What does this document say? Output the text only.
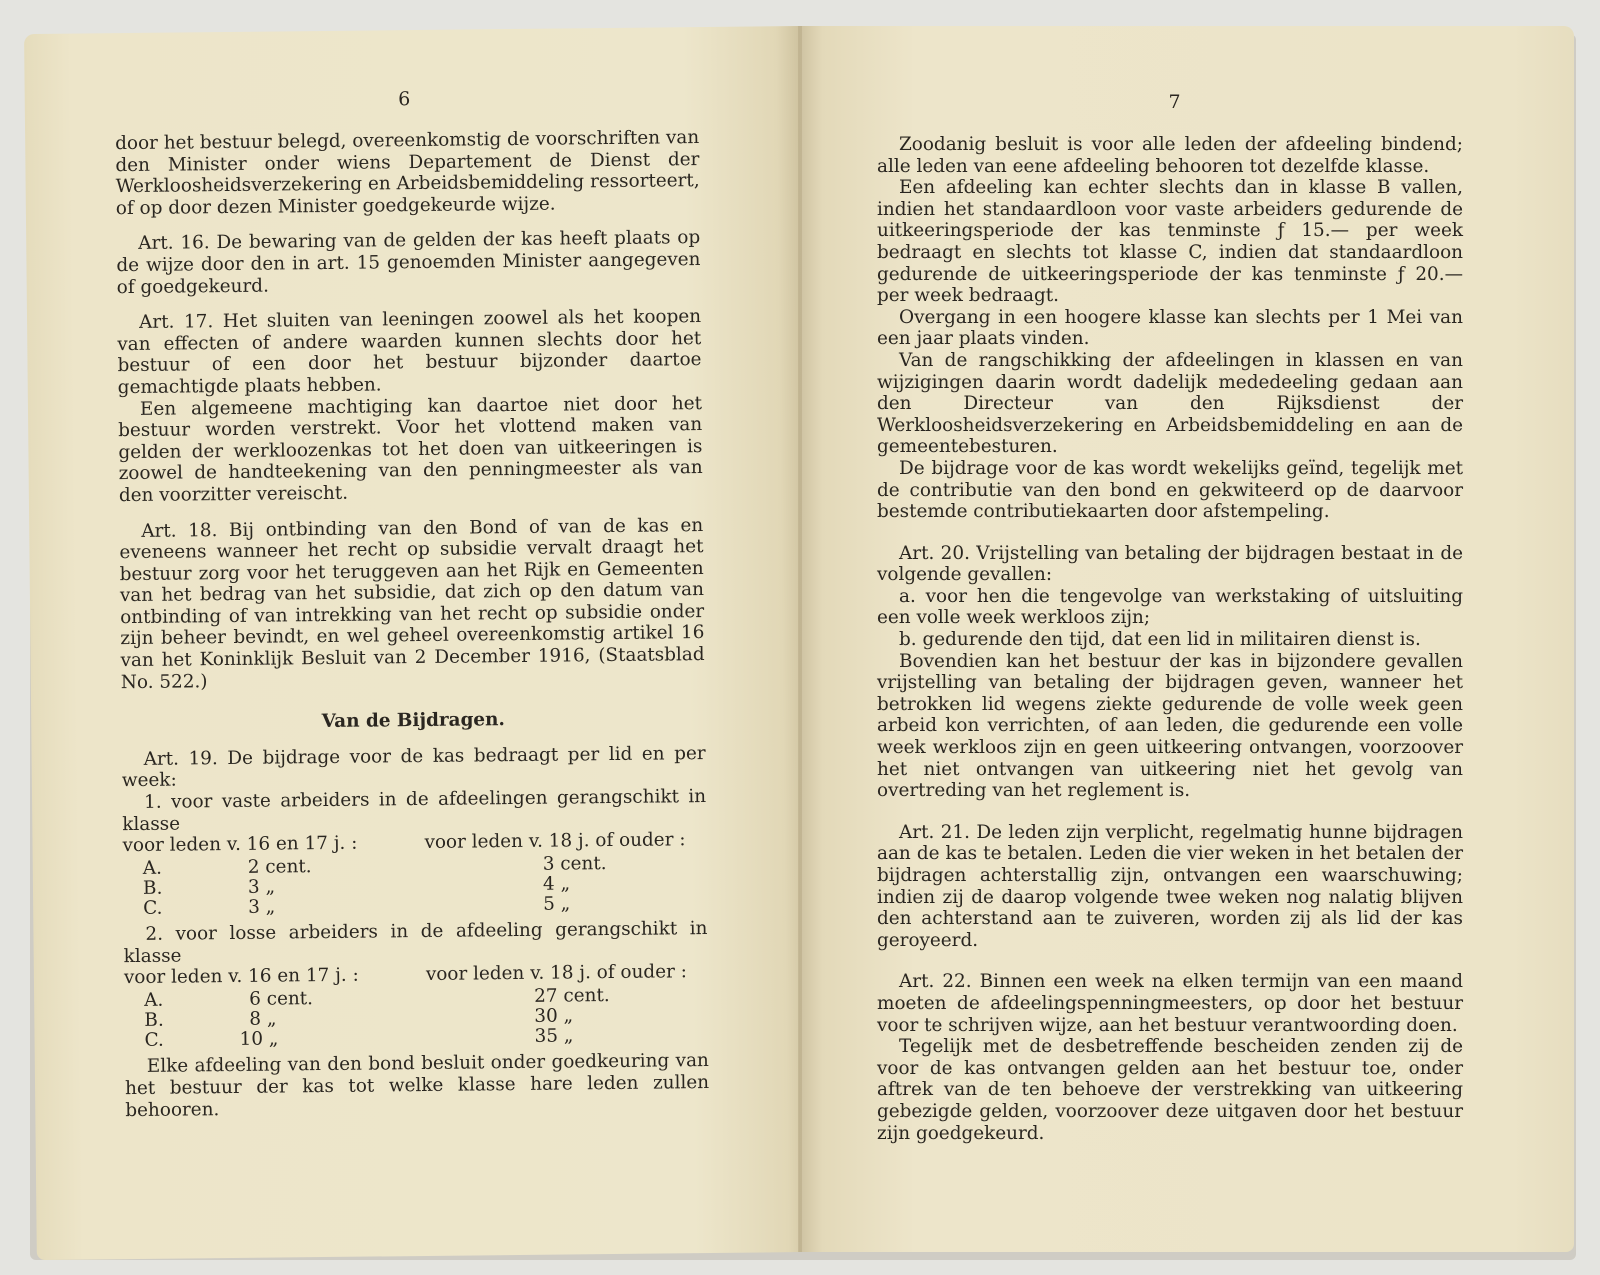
6

door het bestuur belegd, overeenkomstig de voorschriften van den Minister onder wiens Departement de Dienst der Werkloosheidsverzekering en Arbeidsbemiddeling ressorteert, of op door dezen Minister goedgekeurde wijze.

Art. 16. De bewaring van de gelden der kas heeft plaats op de wijze door den in art. 15 genoemden Minister aangegeven of goedgekeurd.

Art. 17. Het sluiten van leeningen zoowel als het koopen van effecten of andere waarden kunnen slechts door het bestuur of een door het bestuur bijzonder daartoe gemachtigde plaats hebben.

Een algemeene machtiging kan daartoe niet door het bestuur worden verstrekt. Voor het vlottend maken van gelden der werkloozenkas tot het doen van uitkeeringen is zoowel de handteekening van den penningmeester als van den voorzitter vereischt.

Art. 18. Bij ontbinding van den Bond of van de kas en eveneens wanneer het recht op subsidie vervalt draagt het bestuur zorg voor het teruggeven aan het Rijk en Gemeenten van het bedrag van het subsidie, dat zich op den datum van ontbinding of van intrekking van het recht op subsidie onder zijn beheer bevindt, en wel geheel overeenkomstig artikel 16 van het Koninklijk Besluit van 2 December 1916, (Staatsblad No. 522.)

Van de Bijdragen.

Art. 19. De bijdrage voor de kas bedraagt per lid en per week:

1. voor vaste arbeiders in de afdeelingen gerangschikt in klasse

voor leden v. 16 en 17 j. :	voor leden v. 18 j. of ouder :
A.	2 cent.	3 cent.
B.	3 „	4 „
C.	3 „	5 „

2. voor losse arbeiders in de afdeeling gerangschikt in klasse

voor leden v. 16 en 17 j. :	voor leden v. 18 j. of ouder :
A.	6 cent.	27 cent.
B.	8 „	30 „
C.	10 „	35 „

Elke afdeeling van den bond besluit onder goedkeuring van het bestuur der kas tot welke klasse hare leden zullen behooren.

7

Zoodanig besluit is voor alle leden der afdeeling bindend; alle leden van eene afdeeling behooren tot dezelfde klasse.

Een afdeeling kan echter slechts dan in klasse B vallen, indien het standaardloon voor vaste arbeiders gedurende de uitkeeringsperiode der kas tenminste ƒ 15.— per week bedraagt en slechts tot klasse C, indien dat standaardloon gedurende de uitkeeringsperiode der kas tenminste ƒ 20.— per week bedraagt.

Overgang in een hoogere klasse kan slechts per 1 Mei van een jaar plaats vinden.

Van de rangschikking der afdeelingen in klassen en van wijzigingen daarin wordt dadelijk mededeeling gedaan aan den Directeur van den Rijksdienst der Werkloosheidsverzekering en Arbeidsbemiddeling en aan de gemeentebesturen.

De bijdrage voor de kas wordt wekelijks geïnd, tegelijk met de contributie van den bond en gekwiteerd op de daarvoor bestemde contributiekaarten door afstempeling.

Art. 20. Vrijstelling van betaling der bijdragen bestaat in de volgende gevallen:

a. voor hen die tengevolge van werkstaking of uitsluiting een volle week werkloos zijn;

b. gedurende den tijd, dat een lid in militairen dienst is.

Bovendien kan het bestuur der kas in bijzondere gevallen vrijstelling van betaling der bijdragen geven, wanneer het betrokken lid wegens ziekte gedurende de volle week geen arbeid kon verrichten, of aan leden, die gedurende een volle week werkloos zijn en geen uitkeering ontvangen, voorzoover het niet ontvangen van uitkeering niet het gevolg van overtreding van het reglement is.

Art. 21. De leden zijn verplicht, regelmatig hunne bijdragen aan de kas te betalen. Leden die vier weken in het betalen der bijdragen achterstallig zijn, ontvangen een waarschuwing; indien zij de daarop volgende twee weken nog nalatig blijven den achterstand aan te zuiveren, worden zij als lid der kas geroyeerd.

Art. 22. Binnen een week na elken termijn van een maand moeten de afdeelingspenningmeesters, op door het bestuur voor te schrijven wijze, aan het bestuur verantwoording doen.

Tegelijk met de desbetreffende bescheiden zenden zij de voor de kas ontvangen gelden aan het bestuur toe, onder aftrek van de ten behoeve der verstrekking van uitkeering gebezigde gelden, voorzoover deze uitgaven door het bestuur zijn goedgekeurd.
